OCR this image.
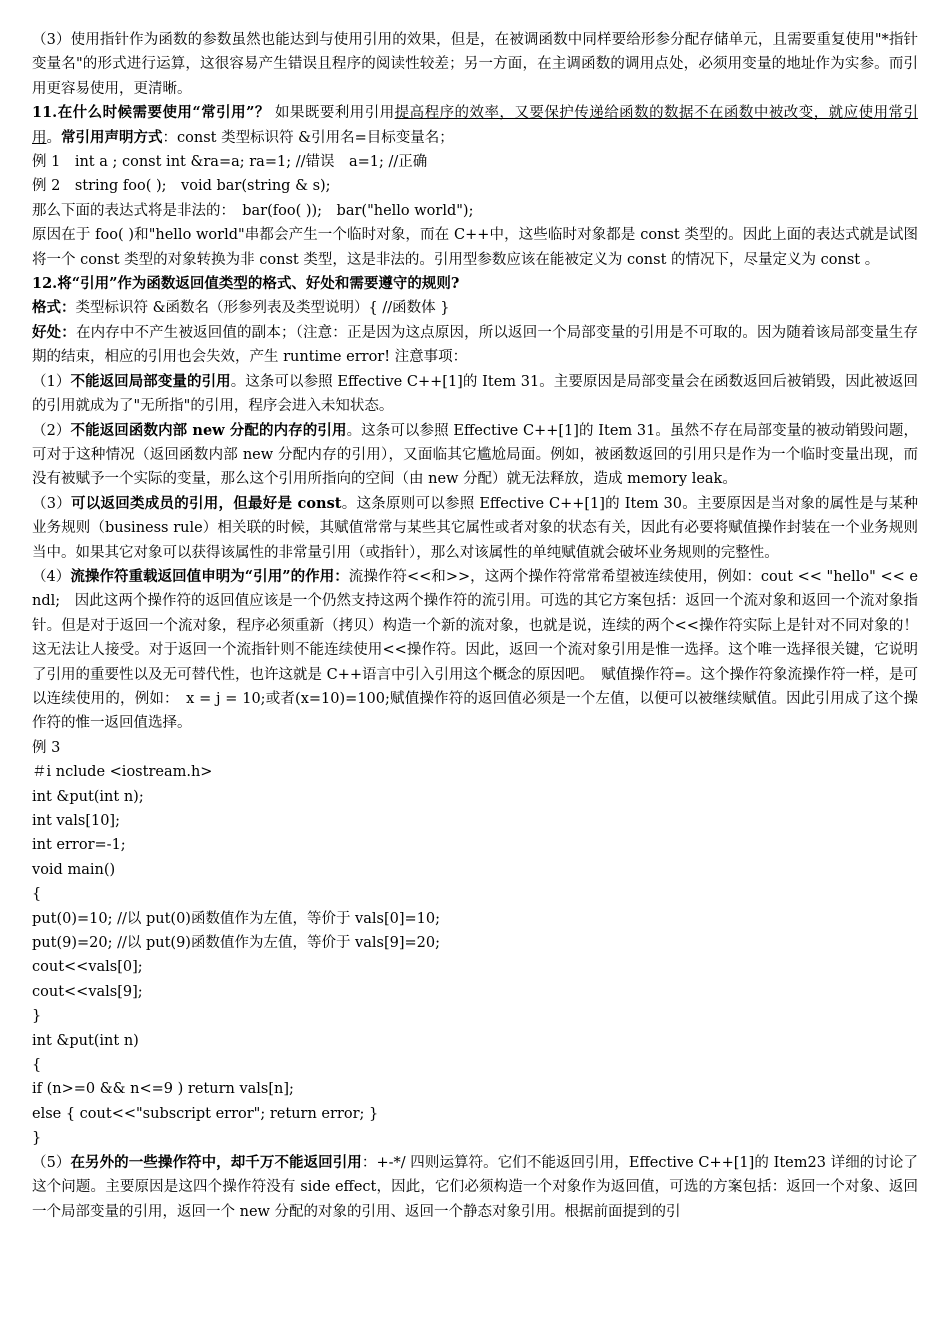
（3）使用指针作为函数的参数虽然也能达到与使用引用的效果，但是，在被调函数中同样要给形参分配存储单元，且需要重复使用"*指针变量名"的形式进行运算，这很容易产生错误且程序的阅读性较差；另一方面，在主调函数的调用点处，必须用变量的地址作为实参。而引用更容易使用，更清晰。

11.在什么时候需要使用“常引用”？ 如果既要利用引用提高程序的效率，又要保护传递给函数的数据不在函数中被改变，就应使用常引用。常引用声明方式：const 类型标识符 &引用名=目标变量名；

例 1　int a ; const int &ra=a; ra=1; //错误　a=1; //正确

例 2　string foo( );　void bar(string & s);

那么下面的表达式将是非法的：　bar(foo( ));　bar("hello world");

原因在于 foo( )和"hello world"串都会产生一个临时对象，而在 C++中，这些临时对象都是 const 类型的。因此上面的表达式就是试图将一个 const 类型的对象转换为非 const 类型，这是非法的。引用型参数应该在能被定义为 const 的情况下，尽量定义为 const 。

12.将“引用”作为函数返回值类型的格式、好处和需要遵守的规则?

格式：类型标识符 &函数名（形参列表及类型说明）{ //函数体 }

好处：在内存中不产生被返回值的副本；（注意：正是因为这点原因，所以返回一个局部变量的引用是不可取的。因为随着该局部变量生存期的结束，相应的引用也会失效，产生 runtime error! 注意事项：

（1）不能返回局部变量的引用。这条可以参照 Effective C++[1]的 Item 31。主要原因是局部变量会在函数返回后被销毁，因此被返回的引用就成为了"无所指"的引用，程序会进入未知状态。

（2）不能返回函数内部 new 分配的内存的引用。这条可以参照 Effective C++[1]的 Item 31。虽然不存在局部变量的被动销毁问题，可对于这种情况（返回函数内部 new 分配内存的引用），又面临其它尴尬局面。例如，被函数返回的引用只是作为一个临时变量出现，而没有被赋予一个实际的变量，那么这个引用所指向的空间（由 new 分配）就无法释放，造成 memory leak。

（3）可以返回类成员的引用，但最好是 const。这条原则可以参照 Effective C++[1]的 Item 30。主要原因是当对象的属性是与某种业务规则（business rule）相关联的时候，其赋值常常与某些其它属性或者对象的状态有关，因此有必要将赋值操作封装在一个业务规则当中。如果其它对象可以获得该属性的非常量引用（或指针），那么对该属性的单纯赋值就会破坏业务规则的完整性。

（4）流操作符重载返回值申明为“引用”的作用：流操作符<<和>>，这两个操作符常常希望被连续使用，例如：cout << "hello" << endl;　因此这两个操作符的返回值应该是一个仍然支持这两个操作符的流引用。可选的其它方案包括：返回一个流对象和返回一个流对象指针。但是对于返回一个流对象，程序必须重新（拷贝）构造一个新的流对象，也就是说，连续的两个<<操作符实际上是针对不同对象的！这无法让人接受。对于返回一个流指针则不能连续使用<<操作符。因此，返回一个流对象引用是惟一选择。这个唯一选择很关键，它说明了引用的重要性以及无可替代性，也许这就是 C++语言中引入引用这个概念的原因吧。　赋值操作符=。这个操作符象流操作符一样，是可以连续使用的，例如：　x = j = 10;或者(x=10)=100;赋值操作符的返回值必须是一个左值，以便可以被继续赋值。因此引用成了这个操作符的惟一返回值选择。

例 3

＃i nclude <iostream.h>

int &put(int n);

int vals[10];

int error=-1;

void main()

{

put(0)=10; //以 put(0)函数值作为左值，等价于 vals[0]=10;

put(9)=20; //以 put(9)函数值作为左值，等价于 vals[9]=20;

cout<<vals[0];

cout<<vals[9];

}

int &put(int n)

{

if (n>=0 && n<=9 ) return vals[n];

else { cout<<"subscript error"; return error; }

}

（5）在另外的一些操作符中，却千万不能返回引用：+-*/ 四则运算符。它们不能返回引用，Effective C++[1]的 Item23 详细的讨论了这个问题。主要原因是这四个操作符没有 side effect，因此，它们必须构造一个对象作为返回值，可选的方案包括：返回一个对象、返回一个局部变量的引用，返回一个 new 分配的对象的引用、返回一个静态对象引用。根据前面提到的引
